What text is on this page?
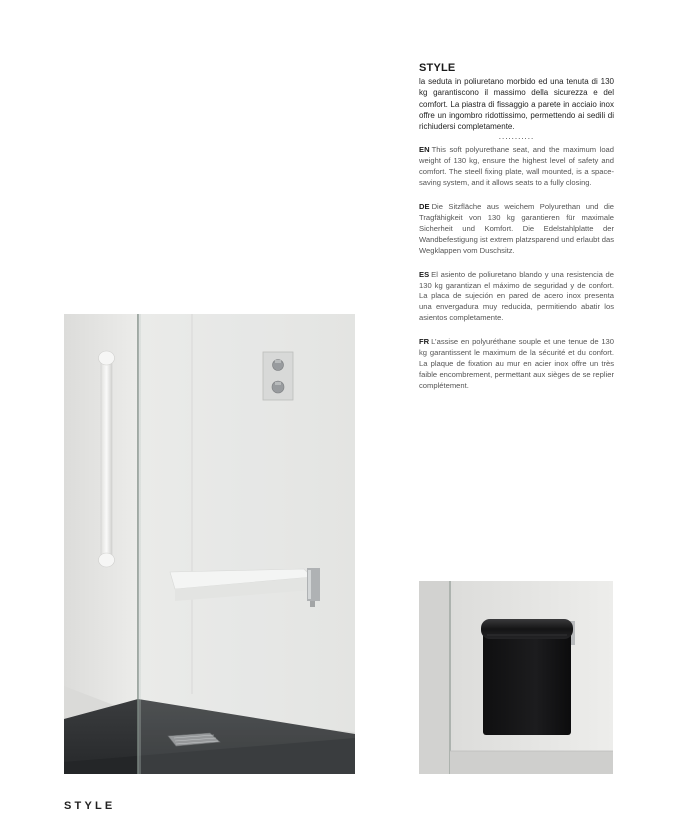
STYLE

la seduta in poliuretano morbido ed una tenuta di 130 kg garantiscono il massimo della sicurezza e del comfort. La piastra di fissaggio a parete in acciaio inox offre un ingombro ridottissimo, permettendo ai sedili di richiudersi completamente.

...........

EN This soft polyurethane seat, and the maximum load weight of 130 kg, ensure the highest level of safety and comfort. The steell fixing plate, wall mounted, is a space-saving system, and it allows seats to a fully closing.

DE Die Sitzfläche aus weichem Polyurethan und die Tragfähigkeit von 130 kg garantieren für maximale Sicherheit und Komfort. Die Edelstahlplatte der Wandbefestigung ist extrem platzsparend und erlaubt das Wegklappen vom Duschsitz.

ES El asiento de poliuretano blando y una resistencia de 130 kg garantizan el máximo de seguridad y de confort. La placa de sujeción en pared de acero inox presenta una envergadura muy reducida, permitiendo abatir los asientos completamente.

FR L’assise en polyuréthane souple et une tenue de 130 kg garantissent le maximum de la sécurité et du confort. La plaque de fixation au mur en acier inox offre un très faible encombrement, permettant aux sièges de se replier complétement.

STYLE
